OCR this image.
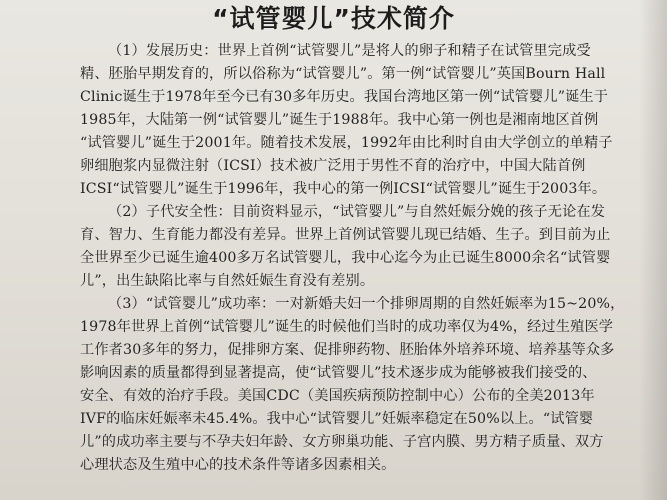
“试管婴儿”技术简介
（1）发展历史：世界上首例“试管婴儿”是将人的卵子和精子在试管里完成受
精、胚胎早期发育的，所以俗称为“试管婴儿”。第一例“试管婴儿”英国Bourn Hall
Clinic诞生于1978年至今已有30多年历史。我国台湾地区第一例“试管婴儿”诞生于
1985年，大陆第一例“试管婴儿”诞生于1988年。我中心第一例也是湘南地区首例
“试管婴儿”诞生于2001年。随着技术发展，1992年由比利时自由大学创立的单精子
卵细胞浆内显微注射（ICSI）技术被广泛用于男性不育的治疗中，中国大陆首例
ICSI“试管婴儿”诞生于1996年，我中心的第一例ICSI“试管婴儿”诞生于2003年。
（2）子代安全性：目前资料显示，“试管婴儿”与自然妊娠分娩的孩子无论在发
育、智力、生育能力都没有差异。世界上首例试管婴儿现已结婚、生子。到目前为止
全世界至少已诞生逾400多万名试管婴儿，我中心迄今为止已诞生8000余名“试管婴
儿”，出生缺陷比率与自然妊娠生育没有差别。
（3）“试管婴儿”成功率：一对新婚夫妇一个排卵周期的自然妊娠率为15~20%，
1978年世界上首例“试管婴儿”诞生的时候他们当时的成功率仅为4%，经过生殖医学
工作者30多年的努力，促排卵方案、促排卵药物、胚胎体外培养环境、培养基等众多
影响因素的质量都得到显著提高，使“试管婴儿”技术逐步成为能够被我们接受的、
安全、有效的治疗手段。美国CDC（美国疾病预防控制中心）公布的全美2013年
IVF的临床妊娠率未45.4%。我中心“试管婴儿”妊娠率稳定在50%以上。“试管婴
儿”的成功率主要与不孕夫妇年龄、女方卵巢功能、子宫内膜、男方精子质量、双方
心理状态及生殖中心的技术条件等诸多因素相关。
